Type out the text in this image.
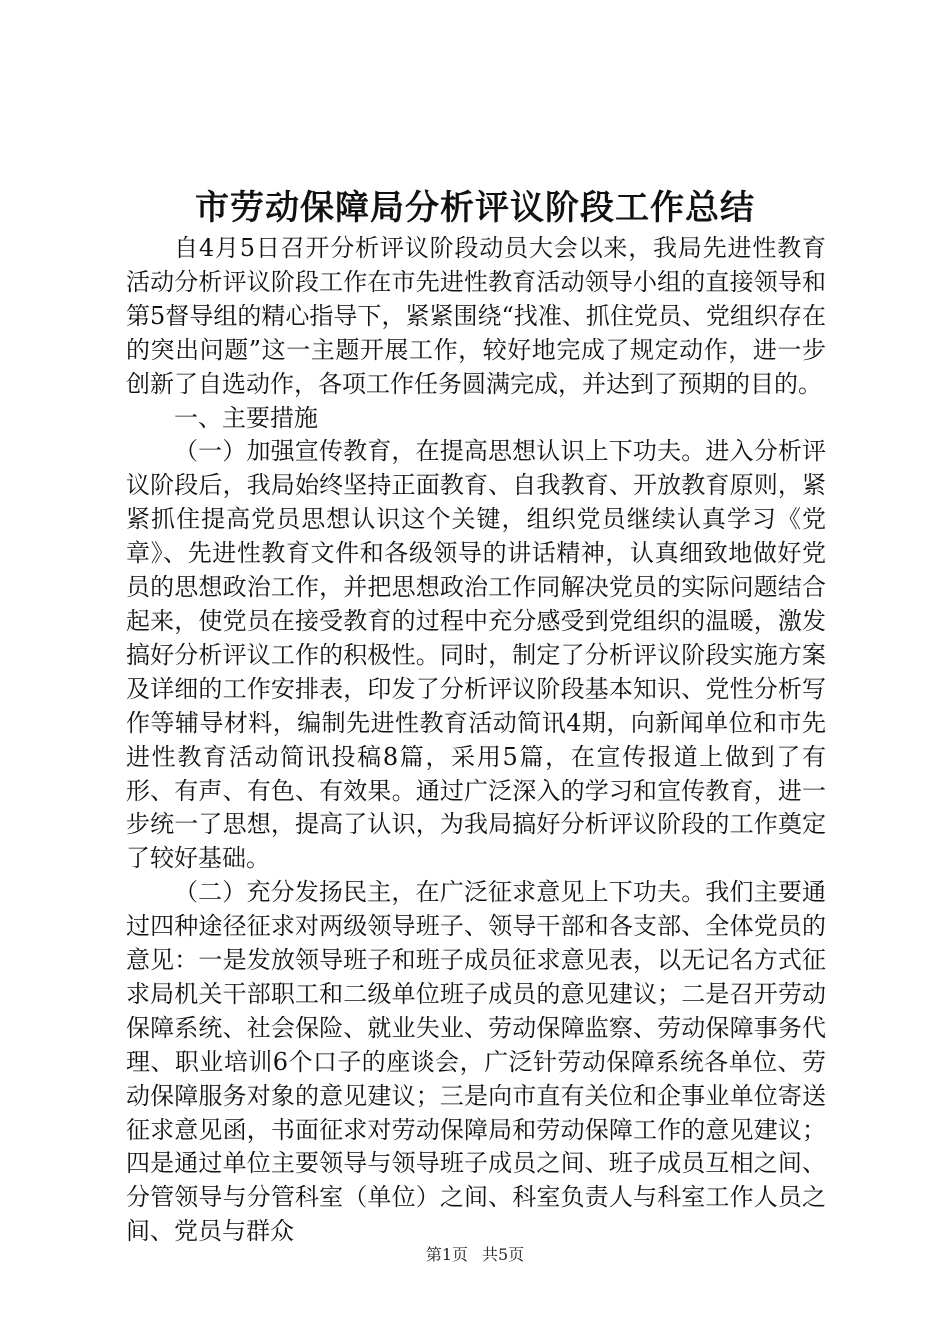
市劳动保障局分析评议阶段工作总结

自4月5日召开分析评议阶段动员大会以来，我局先进性教育活动分析评议阶段工作在市先进性教育活动领导小组的直接领导和第5督导组的精心指导下，紧紧围绕“找准、抓住党员、党组织存在的突出问题”这一主题开展工作，较好地完成了规定动作，进一步创新了自选动作，各项工作任务圆满完成，并达到了预期的目的。

一、主要措施

（一）加强宣传教育，在提高思想认识上下功夫。进入分析评议阶段后，我局始终坚持正面教育、自我教育、开放教育原则，紧紧抓住提高党员思想认识这个关键，组织党员继续认真学习《党章》、先进性教育文件和各级领导的讲话精神，认真细致地做好党员的思想政治工作，并把思想政治工作同解决党员的实际问题结合起来，使党员在接受教育的过程中充分感受到党组织的温暖，激发搞好分析评议工作的积极性。同时，制定了分析评议阶段实施方案及详细的工作安排表，印发了分析评议阶段基本知识、党性分析写作等辅导材料，编制先进性教育活动简讯4期，向新闻单位和市先进性教育活动简讯投稿8篇，采用5篇，在宣传报道上做到了有形、有声、有色、有效果。通过广泛深入的学习和宣传教育，进一步统一了思想，提高了认识，为我局搞好分析评议阶段的工作奠定了较好基础。

（二）充分发扬民主，在广泛征求意见上下功夫。我们主要通过四种途径征求对两级领导班子、领导干部和各支部、全体党员的意见：一是发放领导班子和班子成员征求意见表，以无记名方式征求局机关干部职工和二级单位班子成员的意见建议；二是召开劳动保障系统、社会保险、就业失业、劳动保障监察、劳动保障事务代理、职业培训6个口子的座谈会，广泛针劳动保障系统各单位、劳动保障服务对象的意见建议；三是向市直有关位和企事业单位寄送征求意见函，书面征求对劳动保障局和劳动保障工作的意见建议；四是通过单位主要领导与领导班子成员之间、班子成员互相之间、分管领导与分管科室（单位）之间、科室负责人与科室工作人员之间、党员与群众

第1页 共5页
